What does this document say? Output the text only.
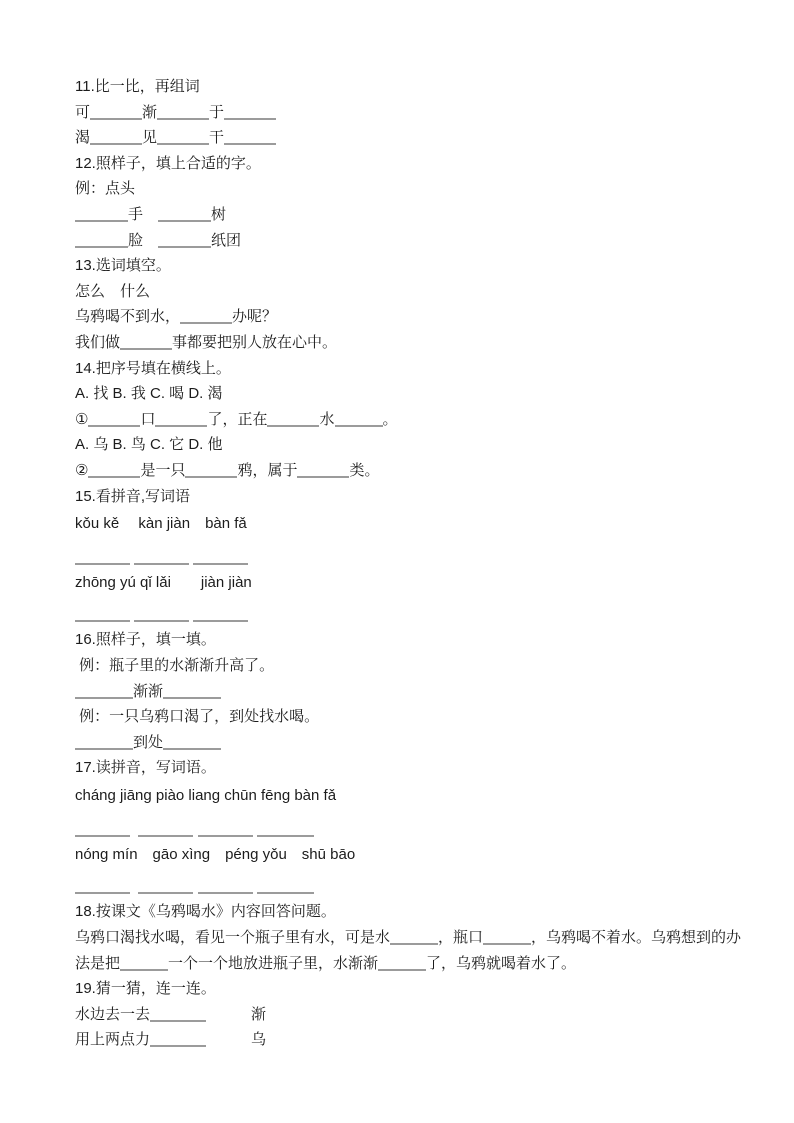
11.比一比，再组词
可	渐	于
渴	见	干
12.照样子，填上合适的字。
例：点头
手　	树
脸　	纸团
13.选词填空。
怎么　什么
乌鸦喝不到水，	办呢？
我们做	事都要把别人放在心中。
14.把序号填在横线上。
A. 找 B. 我 C. 喝 D. 渴
①	口	了，正在	水	。
A. 乌 B. 鸟 C. 它 D. 他
②	是一只	鸦，属于	类。
15.看拼音,写词语
kǒu kě　 kàn jiàn　bàn fǎ

zhōng yú qǐ lǎi　　jiàn jiàn

16.照样子，填一填。
例：瓶子里的水渐渐升高了。
渐渐
例：一只乌鸦口渴了，到处找水喝。
到处
17.读拼音，写词语。
cháng jiāng piào liang chūn fēng bàn fǎ

nóng mín　gāo xìng　péng yǒu　shū bāo

18.按课文《乌鸦喝水》内容回答问题。
乌鸦口渴找水喝，看见一个瓶子里有水，可是水	，瓶口	，乌鸦喝不着水。乌鸦想到的办
法是把	一个一个地放进瓶子里，水渐渐	了，乌鸦就喝着水了。
19.猜一猜，连一连。
水边去一去　　　	渐
用上两点力　　　	乌
